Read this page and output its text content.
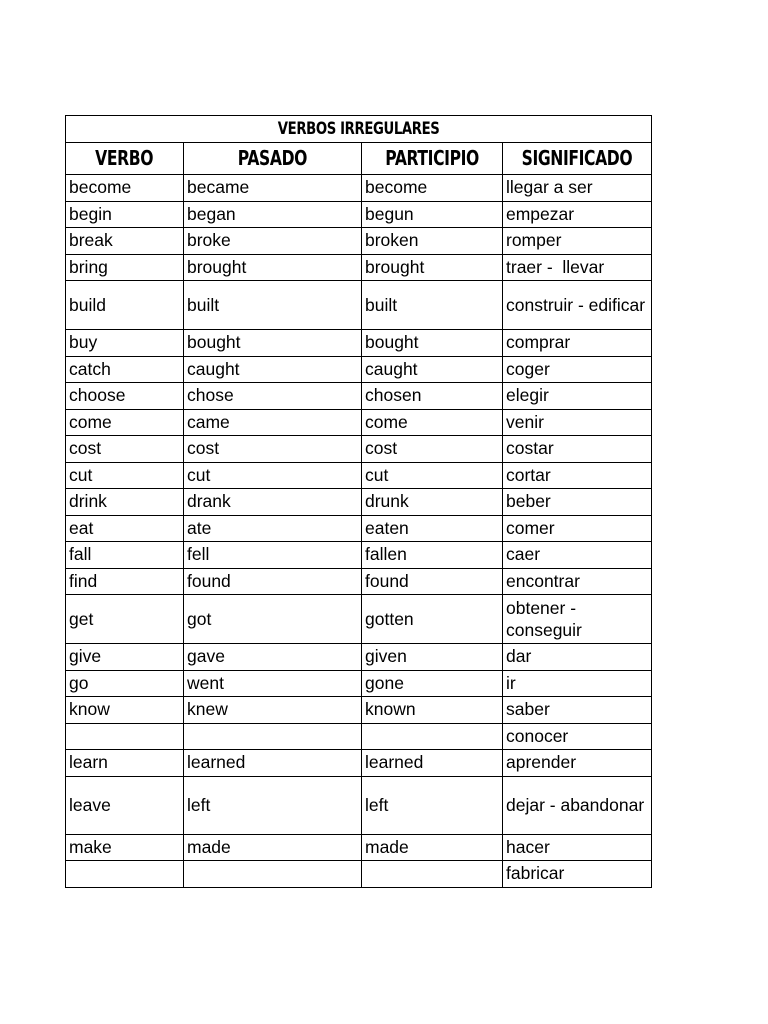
VERBOS IRREGULARES			
VERBO	PASADO	PARTICIPIO	SIGNIFICADO
become	became	become	llegar a ser
begin	began	begun	empezar
break	broke	broken	romper
bring	brought	brought	traer -  llevar
build	built	built	construir - edificar
buy	bought	bought	comprar
catch	caught	caught	coger
choose	chose	chosen	elegir
come	came	come	venir
cost	cost	cost	costar
cut	cut	cut	cortar
drink	drank	drunk	beber
eat	ate	eaten	comer
fall	fell	fallen	caer
find	found	found	encontrar
get	got	gotten	obtener - conseguir
give	gave	given	dar
go	went	gone	ir
know	knew	known	saber
			conocer
learn	learned	learned	aprender
leave	left	left	dejar - abandonar
make	made	made	hacer
			fabricar
